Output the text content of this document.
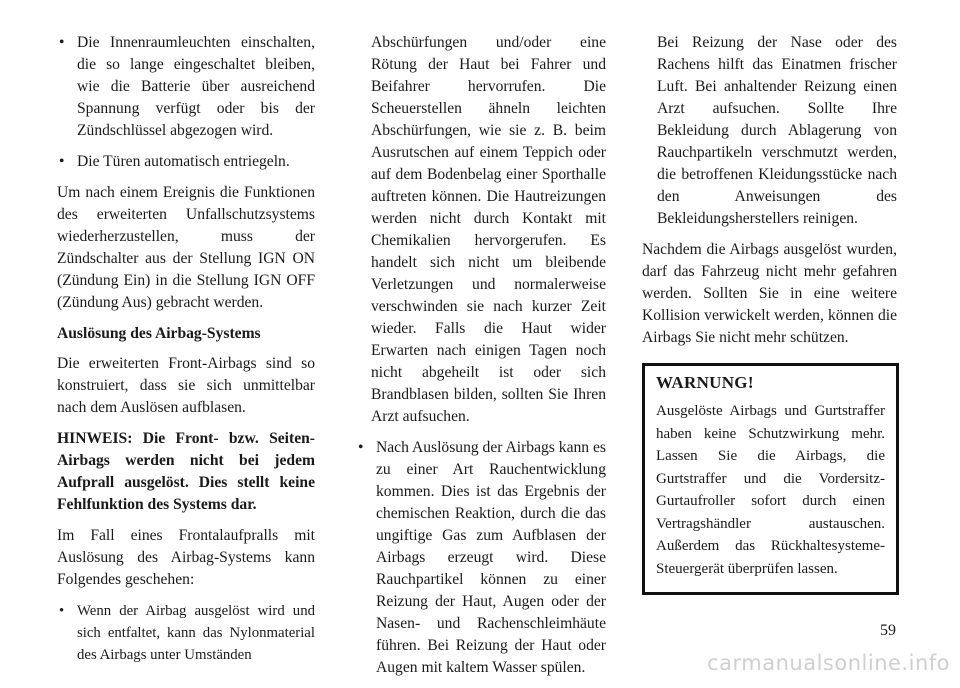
• Die Innenraumleuchten einschalten, die so lange eingeschaltet bleiben, wie die Batterie über ausreichend Spannung verfügt oder bis der Zündschlüssel abgezogen wird.
• Die Türen automatisch entriegeln.

Um nach einem Ereignis die Funktionen des erweiterten Unfallschutzsystems wiederherzustellen, muss der Zündschalter aus der Stellung IGN ON (Zündung Ein) in die Stellung IGN OFF (Zündung Aus) gebracht werden.

Auslösung des Airbag-Systems

Die erweiterten Front-Airbags sind so konstruiert, dass sie sich unmittelbar nach dem Auslösen aufblasen.

HINWEIS: Die Front- bzw. Seiten-Airbags werden nicht bei jedem Aufprall ausgelöst. Dies stellt keine Fehlfunktion des Systems dar.

Im Fall eines Frontalaufpralls mit Auslösung des Airbag-Systems kann Folgendes geschehen:

• Wenn der Airbag ausgelöst wird und sich entfaltet, kann das Nylonmaterial des Airbags unter Umständen

Abschürfungen und/oder eine Rötung der Haut bei Fahrer und Beifahrer hervorrufen. Die Scheuerstellen ähneln leichten Abschürfungen, wie sie z. B. beim Ausrutschen auf einem Teppich oder auf dem Bodenbelag einer Sporthalle auftreten können. Die Hautreizungen werden nicht durch Kontakt mit Chemikalien hervorgerufen. Es handelt sich nicht um bleibende Verletzungen und normalerweise verschwinden sie nach kurzer Zeit wieder. Falls die Haut wider Erwarten nach einigen Tagen noch nicht abgeheilt ist oder sich Brandblasen bilden, sollten Sie Ihren Arzt aufsuchen.

• Nach Auslösung der Airbags kann es zu einer Art Rauchentwicklung kommen. Dies ist das Ergebnis der chemischen Reaktion, durch die das ungiftige Gas zum Aufblasen der Airbags erzeugt wird. Diese Rauchpartikel können zu einer Reizung der Haut, Augen oder der Nasen- und Rachenschleimhäute führen. Bei Reizung der Haut oder Augen mit kaltem Wasser spülen.

Bei Reizung der Nase oder des Rachens hilft das Einatmen frischer Luft. Bei anhaltender Reizung einen Arzt aufsuchen. Sollte Ihre Bekleidung durch Ablagerung von Rauchpartikeln verschmutzt werden, die betroffenen Kleidungsstücke nach den Anweisungen des Bekleidungsherstellers reinigen.

Nachdem die Airbags ausgelöst wurden, darf das Fahrzeug nicht mehr gefahren werden. Sollten Sie in eine weitere Kollision verwickelt werden, können die Airbags Sie nicht mehr schützen.

WARNUNG!

Ausgelöste Airbags und Gurtstraffer haben keine Schutzwirkung mehr. Lassen Sie die Airbags, die Gurtstraffer und die Vordersitz-Gurtaufroller sofort durch einen Vertragshändler austauschen. Außerdem das Rückhaltesysteme-Steuergerät überprüfen lassen.

59
carmanualsonline.info
